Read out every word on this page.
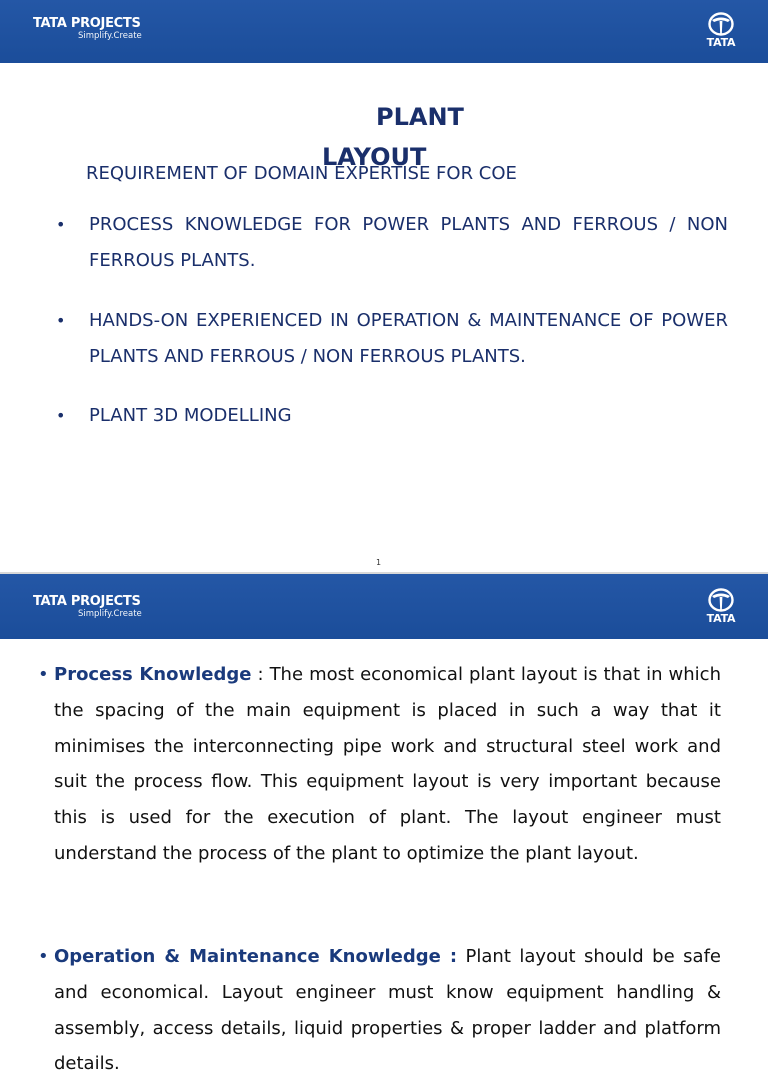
TATA PROJECTS
Simplify.Create	TATA
PLANT
LAYOUT
REQUIREMENT OF DOMAIN EXPERTISE FOR COE
• PROCESS KNOWLEDGE FOR POWER PLANTS AND FERROUS / NON FERROUS PLANTS.
• HANDS-ON EXPERIENCED IN OPERATION & MAINTENANCE OF POWER PLANTS AND FERROUS / NON FERROUS PLANTS.
• PLANT 3D MODELLING
1
TATA PROJECTS
Simplify.Create	TATA
• Process Knowledge : The most economical plant layout is that in which the spacing of the main equipment is placed in such a way that it minimises the interconnecting pipe work and structural steel work and suit the process flow. This equipment layout is very important because this is used for the execution of plant. The layout engineer must understand the process of the plant to optimize the plant layout.
• Operation & Maintenance Knowledge : Plant layout should be safe and economical. Layout engineer must know equipment handling & assembly, access details, liquid properties & proper ladder and platform details.
